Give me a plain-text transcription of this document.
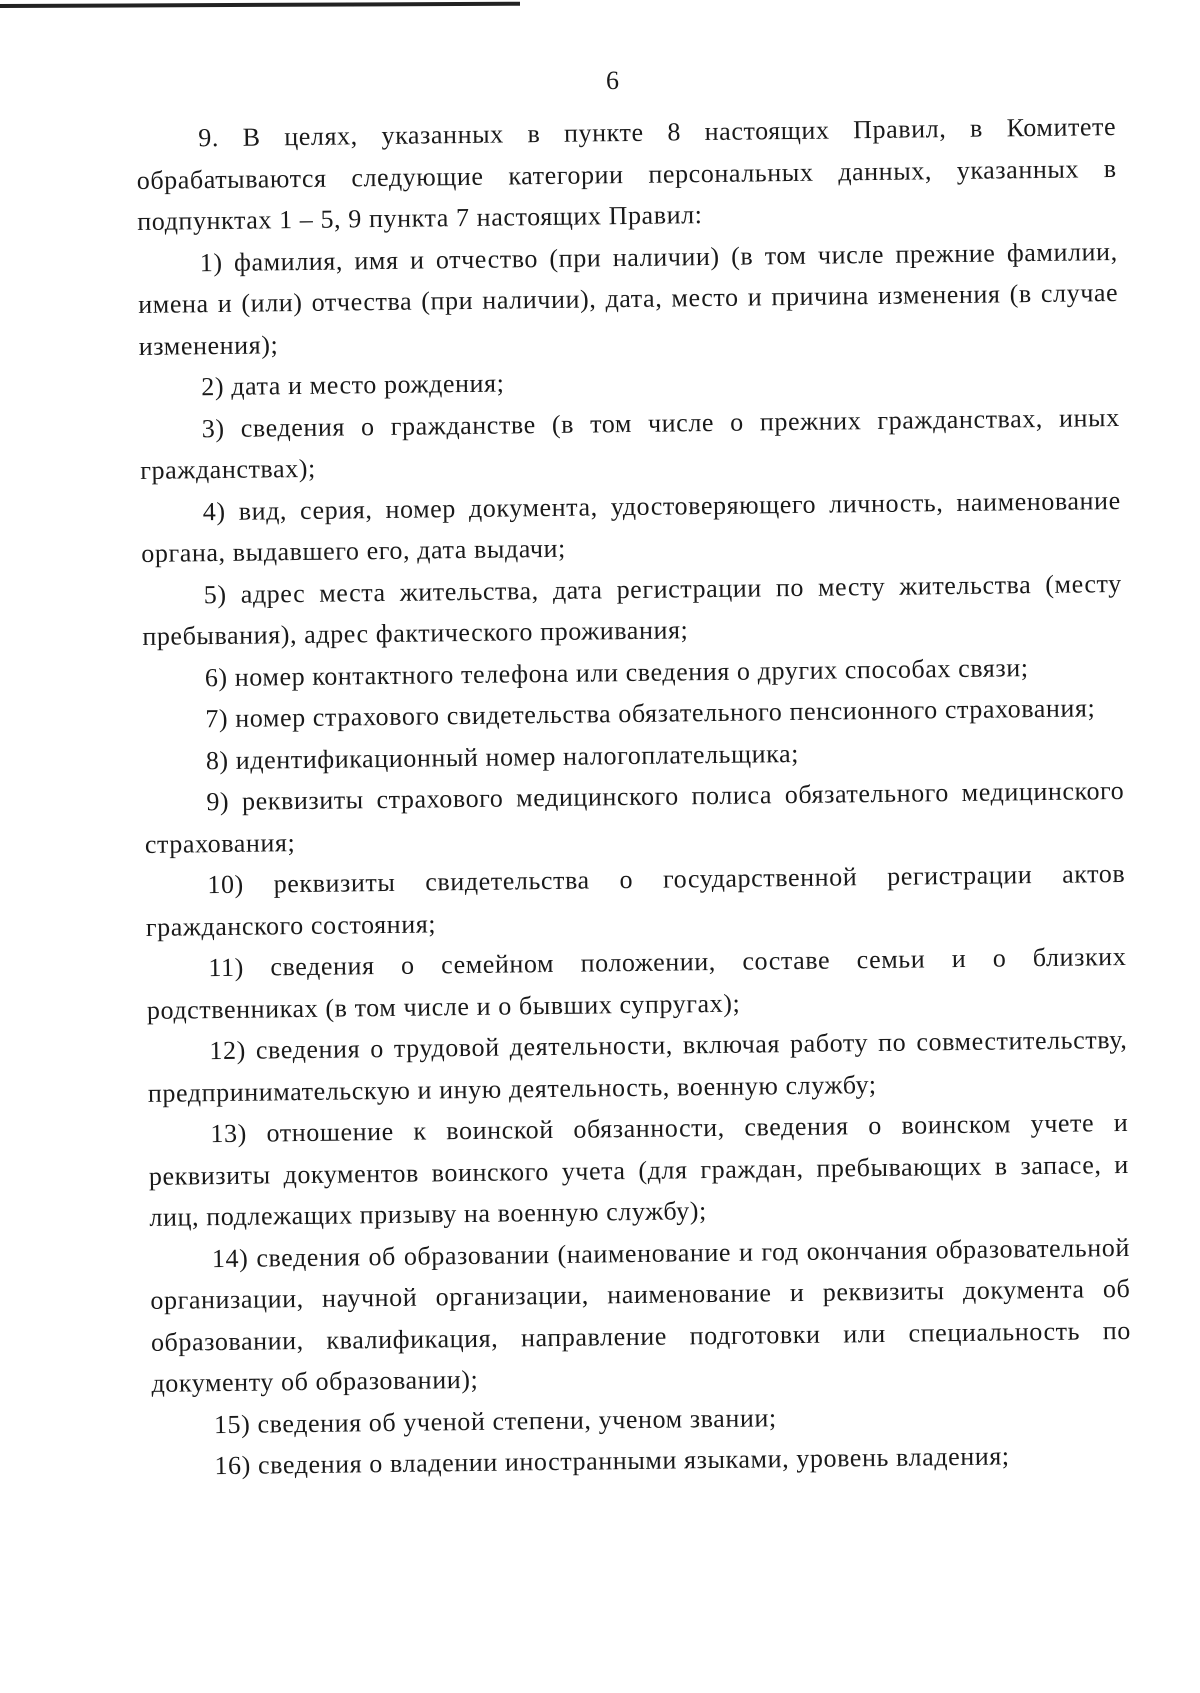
6

9. В целях, указанных в пункте 8 настоящих Правил, в Комитете обрабатываются следующие категории персональных данных, указанных в подпунктах 1 – 5, 9 пункта 7 настоящих Правил:

1) фамилия, имя и отчество (при наличии) (в том числе прежние фамилии, имена и (или) отчества (при наличии), дата, место и причина изменения (в случае изменения);

2) дата и место рождения;

3) сведения о гражданстве (в том числе о прежних гражданствах, иных гражданствах);

4) вид, серия, номер документа, удостоверяющего личность, наименование органа, выдавшего его, дата выдачи;

5) адрес места жительства, дата регистрации по месту жительства (месту пребывания), адрес фактического проживания;

6) номер контактного телефона или сведения о других способах связи;

7) номер страхового свидетельства обязательного пенсионного страхования;

8) идентификационный номер налогоплательщика;

9) реквизиты страхового медицинского полиса обязательного медицинского страхования;

10) реквизиты свидетельства о государственной регистрации актов гражданского состояния;

11) сведения о семейном положении, составе семьи и о близких родственниках (в том числе и о бывших супругах);

12) сведения о трудовой деятельности, включая работу по совместительству, предпринимательскую и иную деятельность, военную службу;

13) отношение к воинской обязанности, сведения о воинском учете и реквизиты документов воинского учета (для граждан, пребывающих в запасе, и лиц, подлежащих призыву на военную службу);

14) сведения об образовании (наименование и год окончания образовательной организации, научной организации, наименование и реквизиты документа об образовании, квалификация, направление подготовки или специальность по документу об образовании);

15) сведения об ученой степени, ученом звании;

16) сведения о владении иностранными языками, уровень владения;
